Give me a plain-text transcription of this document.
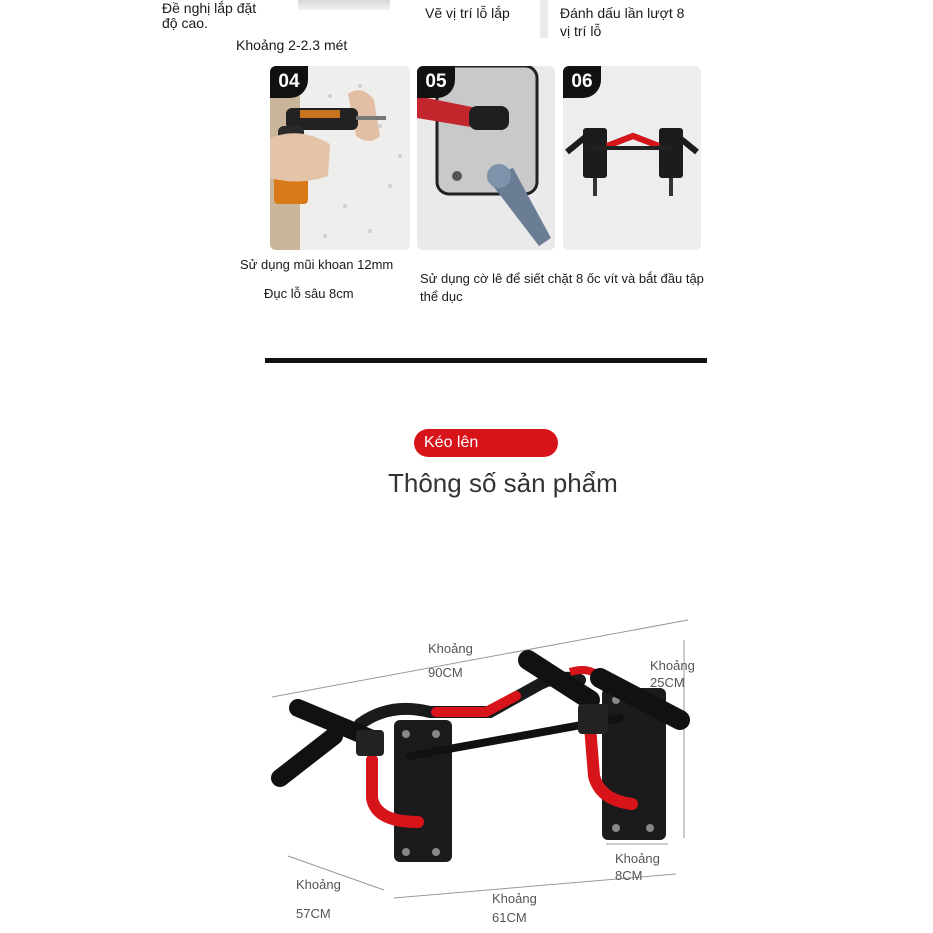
Đề nghị lắp đặt
độ cao.
Vẽ vị trí lỗ lắp	Đánh dấu lần lượt 8
vị trí lỗ
Khoảng 2-2.3 mét
04	05	06
Sử dụng mũi khoan 12mm
Đục lỗ sâu 8cm
Sử dụng cờ lê để siết chặt 8 ốc vít và bắt đầu tập
thể dục
Kéo lên
Thông số sản phẩm
Khoảng
90CM	Khoảng
25CM
Khoảng
8CM
Khoảng
57CM
Khoảng
61CM
